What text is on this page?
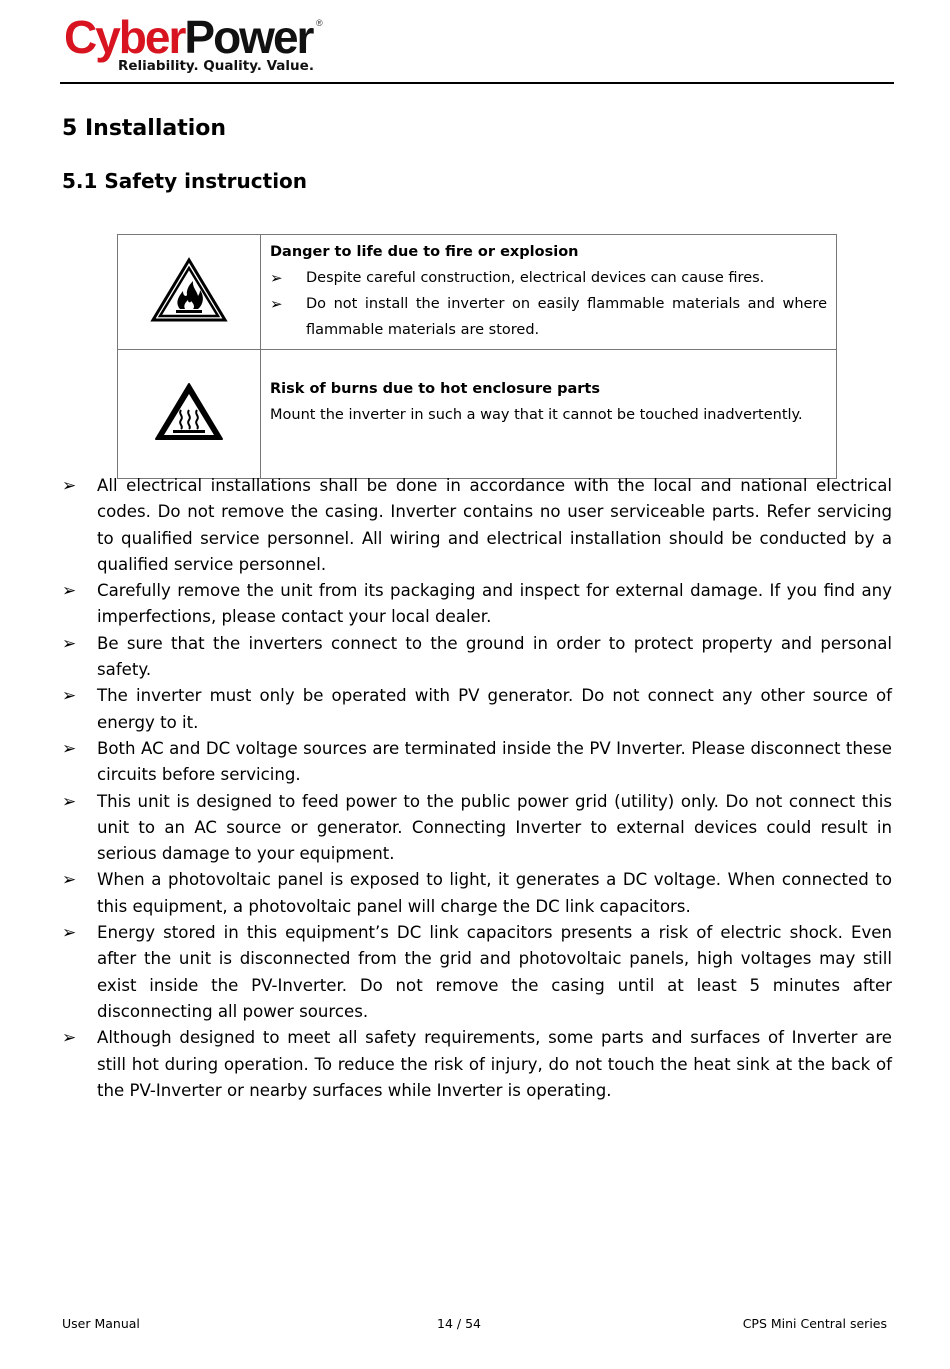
CyberPower ®
Reliability. Quality. Value.
5 Installation
5.1 Safety instruction

Danger to life due to fire or explosion
➢ Despite careful construction, electrical devices can cause fires.
➢ Do not install the inverter on easily flammable materials and where flammable materials are stored.

Risk of burns due to hot enclosure parts
Mount the inverter in such a way that it cannot be touched inadvertently.
➢ All electrical installations shall be done in accordance with the local and national electrical codes. Do not remove the casing. Inverter contains no user serviceable parts. Refer servicing to qualified service personnel. All wiring and electrical installation should be conducted by a qualified service personnel.
➢ Carefully remove the unit from its packaging and inspect for external damage. If you find any imperfections, please contact your local dealer.
➢ Be sure that the inverters connect to the ground in order to protect property and personal safety.
➢ The inverter must only be operated with PV generator. Do not connect any other source of energy to it.
➢ Both AC and DC voltage sources are terminated inside the PV Inverter. Please disconnect these circuits before servicing.
➢ This unit is designed to feed power to the public power grid (utility) only. Do not connect this unit to an AC source or generator. Connecting Inverter to external devices could result in serious damage to your equipment.
➢ When a photovoltaic panel is exposed to light, it generates a DC voltage. When connected to this equipment, a photovoltaic panel will charge the DC link capacitors.
➢ Energy stored in this equipment’s DC link capacitors presents a risk of electric shock. Even after the unit is disconnected from the grid and photovoltaic panels, high voltages may still exist inside the PV-Inverter. Do not remove the casing until at least 5 minutes after disconnecting all power sources.
➢ Although designed to meet all safety requirements, some parts and surfaces of Inverter are still hot during operation. To reduce the risk of injury, do not touch the heat sink at the back of the PV-Inverter or nearby surfaces while Inverter is operating.
User Manual	14 / 54	CPS Mini Central series
